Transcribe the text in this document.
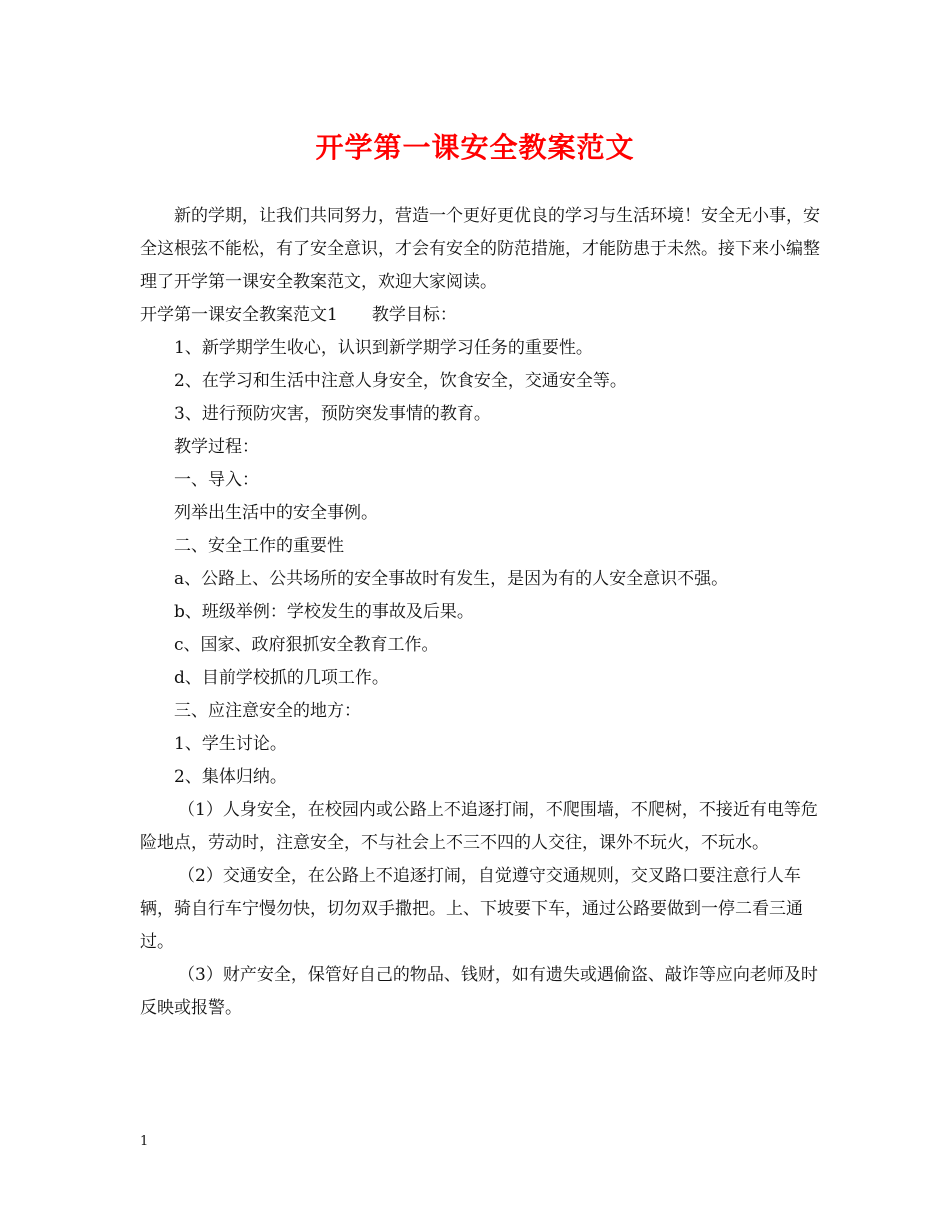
开学第一课安全教案范文

新的学期，让我们共同努力，营造一个更好更优良的学习与生活环境！安全无小事，安全这根弦不能松，有了安全意识，才会有安全的防范措施，才能防患于未然。接下来小编整理了开学第一课安全教案范文，欢迎大家阅读。

开学第一课安全教案范文1　　教学目标：

1、新学期学生收心，认识到新学期学习任务的重要性。

2、在学习和生活中注意人身安全，饮食安全，交通安全等。

3、进行预防灾害，预防突发事情的教育。

教学过程：

一、导入：

列举出生活中的安全事例。

二、安全工作的重要性

a、公路上、公共场所的安全事故时有发生，是因为有的人安全意识不强。

b、班级举例：学校发生的事故及后果。

c、国家、政府狠抓安全教育工作。

d、目前学校抓的几项工作。

三、应注意安全的地方：

1、学生讨论。

2、集体归纳。

（1）人身安全，在校园内或公路上不追逐打闹，不爬围墙，不爬树，不接近有电等危险地点，劳动时，注意安全，不与社会上不三不四的人交往，课外不玩火，不玩水。

（2）交通安全，在公路上不追逐打闹，自觉遵守交通规则，交叉路口要注意行人车辆，骑自行车宁慢勿快，切勿双手撒把。上、下坡要下车，通过公路要做到一停二看三通过。

（3）财产安全，保管好自己的物品、钱财，如有遗失或遇偷盗、敲诈等应向老师及时反映或报警。

1
